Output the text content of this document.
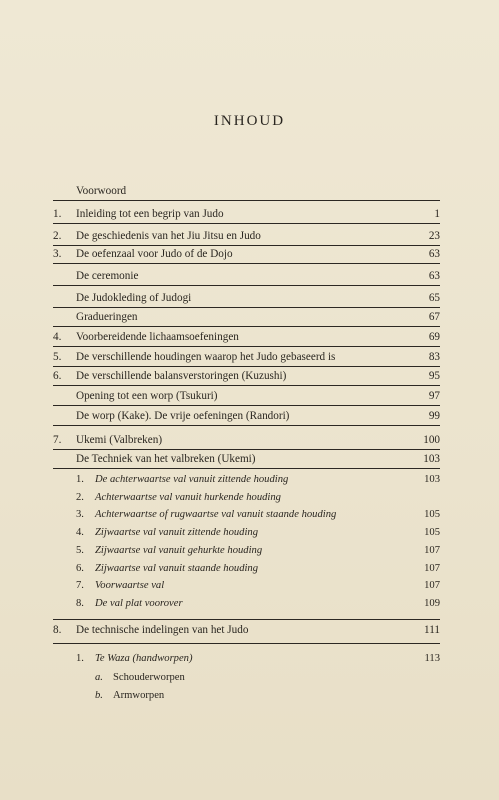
INHOUD
Voorwoord
1. Inleiding tot een begrip van Judo	1
2. De geschiedenis van het Jiu Jitsu en Judo	23
3. De oefenzaal voor Judo of de Dojo	63
De ceremonie	63
De Judokleding of Judogi	65
Gradueringen	67
4. Voorbereidende lichaamsoefeningen	69
5. De verschillende houdingen waarop het Judo gebaseerd is	83
6. De verschillende balansverstoringen (Kuzushi)	95
Opening tot een worp (Tsukuri)	97
De worp (Kake). De vrije oefeningen (Randori)	99
7. Ukemi (Valbreken)	100
De Techniek van het valbreken (Ukemi)	103
1. De achterwaartse val vanuit zittende houding	103
2. Achterwaartse val vanuit hurkende houding
3. Achterwaartse of rugwaartse val vanuit staande houding	105
4. Zijwaartse val vanuit zittende houding	105
5. Zijwaartse val vanuit gehurkte houding	107
6. Zijwaartse val vanuit staande houding	107
7. Voorwaartse val	107
8. De val plat voorover	109
8. De technische indelingen van het Judo	111
1. Te Waza (handworpen)	113
a. Schouderworpen
b. Armworpen
